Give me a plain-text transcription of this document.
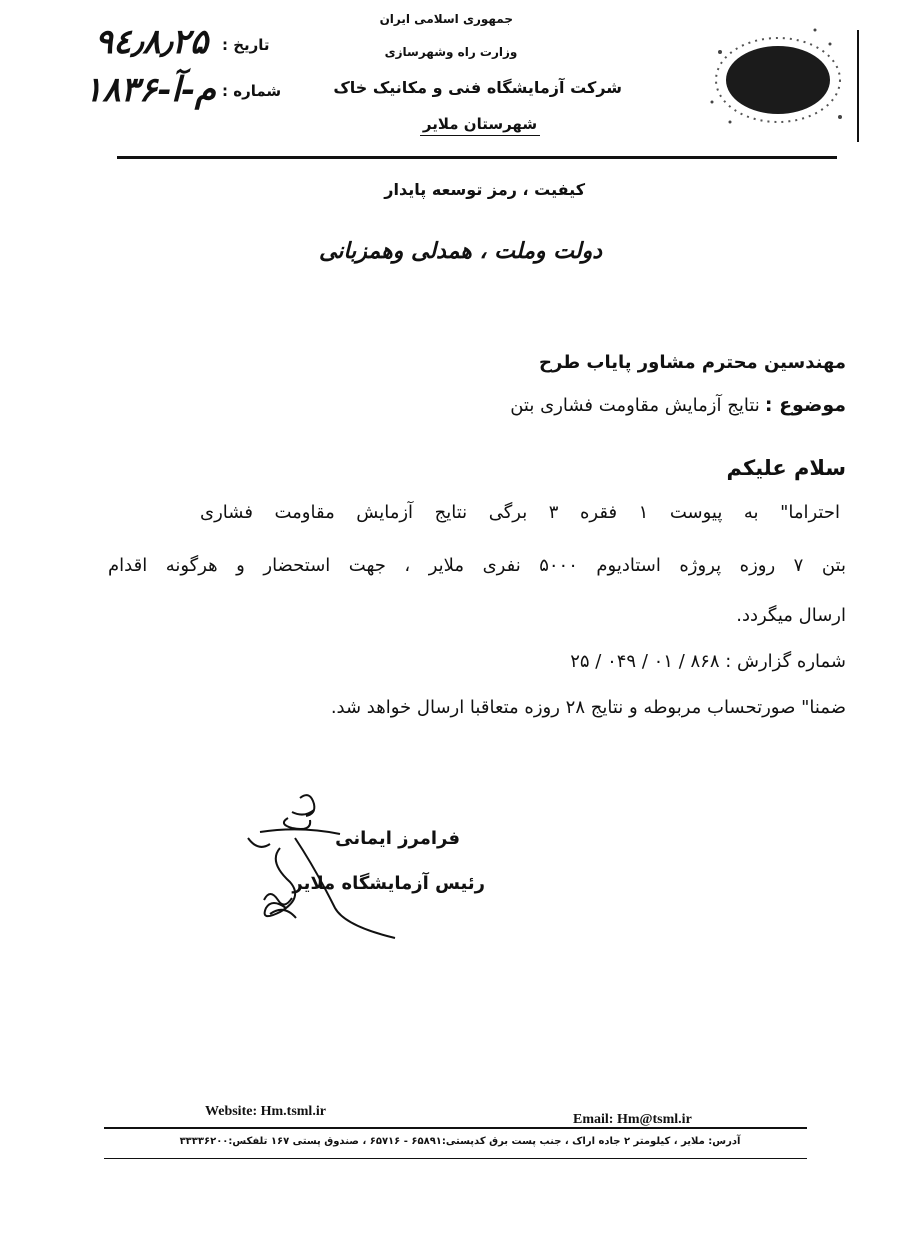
جمهوری اسلامی ایران
وزارت راه وشهرسازی
شرکت آزمایشگاه فنی و مکانیک خاک
شهرستان ملایر
تاریخ :
شماره :
۹٤٫۸٫۲۵
م-آ-۱۸۳۶
کیفیت ، رمز توسعه پایدار
دولت وملت ، همدلی وهمزبانی
مهندسین محترم مشاور پایاب طرح
موضوع : نتایج آزمایش مقاومت فشاری بتن
سلام علیکم
احتراما" به پیوست ۱ فقره ۳ برگی نتایج آزمایش مقاومت فشاری
بتن ۷ روزه پروژه استادیوم ۵۰۰۰ نفری ملایر ، جهت استحضار و هرگونه اقدام
ارسال میگردد.
شماره گزارش : ۸۶۸ / ۰۱ / ۰۴۹ / ۲۵
ضمنا" صورتحساب مربوطه و نتایج ۲۸ روزه متعاقبا ارسال خواهد شد.
فرامرز ایمانی
رئیس آزمایشگاه ملایر
Website: Hm.tsml.ir
Email: Hm@tsml.ir
آدرس: ملایر ، کیلومتر ۲ جاده اراک ، جنب پست برق کدپستی:۶۵۸۹۱ - ۶۵۷۱۶ ، صندوق پستی ۱۶۷ تلفکس:۳۳۳۳۶۲۰۰
